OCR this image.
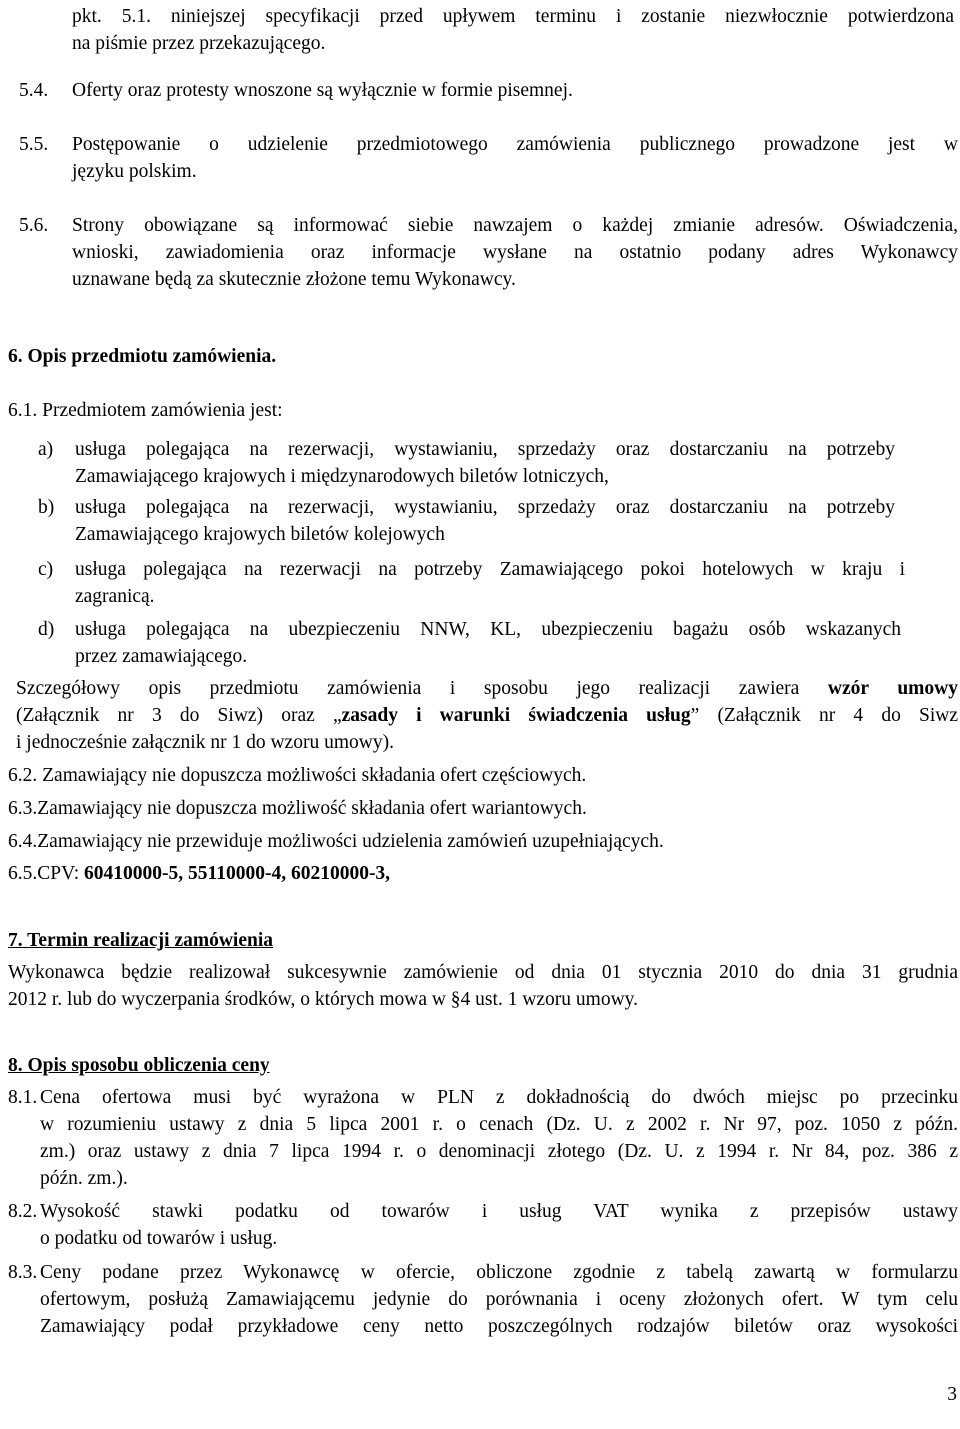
pkt. 5.1. niniejszej specyfikacji przed upływem terminu i zostanie niezwłocznie potwierdzona
na piśmie przez przekazującego.
5.4. Oferty oraz protesty wnoszone są wyłącznie w formie pisemnej.
5.5. Postępowanie o udzielenie przedmiotowego zamówienia publicznego prowadzone jest w
języku polskim.
5.6. Strony obowiązane są informować siebie nawzajem o każdej zmianie adresów. Oświadczenia,
wnioski, zawiadomienia oraz informacje wysłane na ostatnio podany adres Wykonawcy
uznawane będą za skutecznie złożone temu Wykonawcy.
6. Opis przedmiotu zamówienia.
6.1. Przedmiotem zamówienia jest:
a) usługa polegająca na rezerwacji, wystawianiu, sprzedaży oraz dostarczaniu na potrzeby
Zamawiającego krajowych i międzynarodowych biletów lotniczych,
b) usługa polegająca na rezerwacji, wystawianiu, sprzedaży oraz dostarczaniu na potrzeby
Zamawiającego krajowych biletów kolejowych
c) usługa polegająca na rezerwacji na potrzeby Zamawiającego pokoi hotelowych w kraju i
zagranicą.
d) usługa polegająca na ubezpieczeniu NNW, KL, ubezpieczeniu bagażu osób wskazanych
przez zamawiającego.
Szczegółowy opis przedmiotu zamówienia i sposobu jego realizacji zawiera wzór umowy
(Załącznik nr 3 do Siwz) oraz „zasady i warunki świadczenia usług” (Załącznik nr 4 do Siwz
i jednocześnie załącznik nr 1 do wzoru umowy).
6.2. Zamawiający nie dopuszcza możliwości składania ofert częściowych.
6.3.Zamawiający nie dopuszcza możliwość składania ofert wariantowych.
6.4.Zamawiający nie przewiduje możliwości udzielenia zamówień uzupełniających.
6.5.CPV: 60410000-5, 55110000-4, 60210000-3,
7. Termin realizacji zamówienia
Wykonawca będzie realizował sukcesywnie zamówienie od dnia 01 stycznia 2010 do dnia 31 grudnia
2012 r. lub do wyczerpania środków, o których mowa w §4 ust. 1 wzoru umowy.
8. Opis sposobu obliczenia ceny
8.1. Cena ofertowa musi być wyrażona w PLN z dokładnością do dwóch miejsc po przecinku
w rozumieniu ustawy z dnia 5 lipca 2001 r. o cenach (Dz. U. z 2002 r. Nr 97, poz. 1050 z późn.
zm.) oraz ustawy z dnia 7 lipca 1994 r. o denominacji złotego (Dz. U. z 1994 r. Nr 84, poz. 386 z
późn. zm.).
8.2. Wysokość stawki podatku od towarów i usług VAT wynika z przepisów ustawy
o podatku od towarów i usług.
8.3. Ceny podane przez Wykonawcę w ofercie, obliczone zgodnie z tabelą zawartą w formularzu
ofertowym, posłużą Zamawiającemu jedynie do porównania i oceny złożonych ofert. W tym celu
Zamawiający podał przykładowe ceny netto poszczególnych rodzajów biletów oraz wysokości
3
